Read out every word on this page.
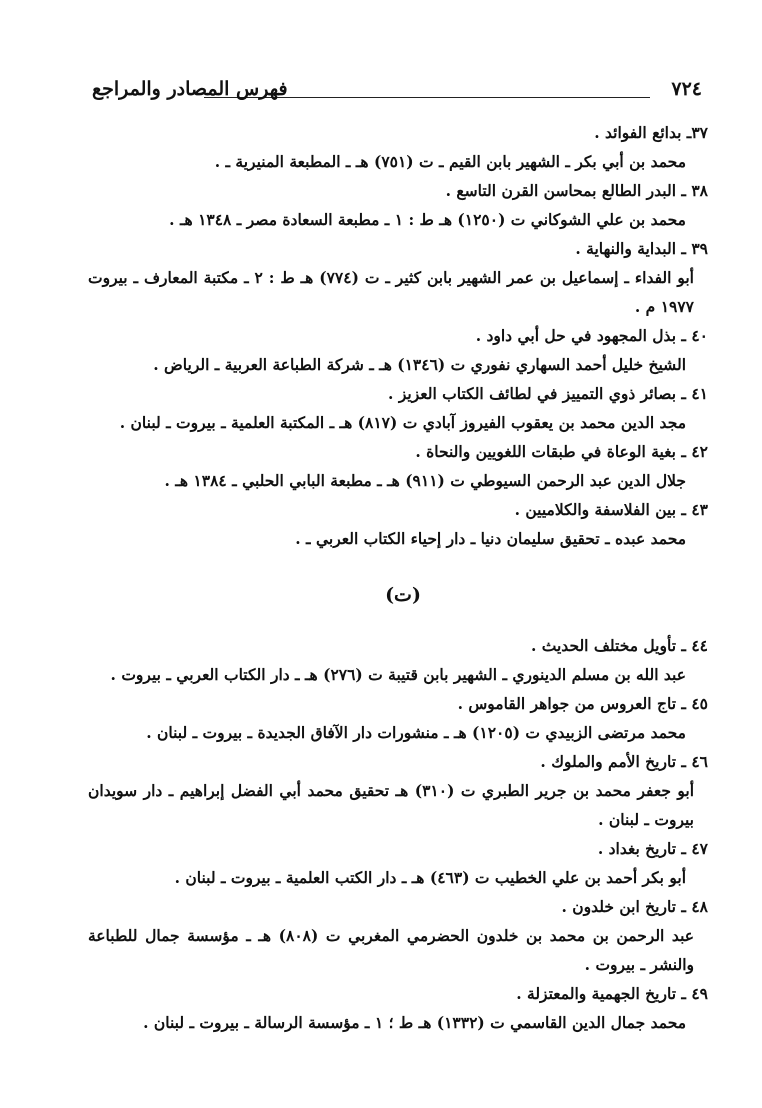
٧٢٤
فهرس المصادر والمراجع
٣٧ـ بدائع الفوائد .
محمد بن أبي بكر ـ الشهير بابن القيم ـ ت (٧٥١) هـ ـ المطبعة المنيرية ـ .
٣٨ ـ البدر الطالع بمحاسن القرن التاسع .
محمد بن علي الشوكاني ت (١٢٥٠) هـ ط : ١ ـ مطبعة السعادة مصر ـ ١٣٤٨ هـ .
٣٩ ـ البداية والنهاية .
أبو الفداء ـ إسماعيل بن عمر الشهير بابن كثير ـ ت (٧٧٤) هـ ط : ٢ ـ مكتبة المعارف ـ بيروت ١٩٧٧ م .
٤٠ ـ بذل المجهود في حل أبي داود .
الشيخ خليل أحمد السهاري نفوري ت (١٣٤٦) هـ ـ شركة الطباعة العربية ـ الرياض .
٤١ ـ بصائر ذوي التمييز في لطائف الكتاب العزيز .
مجد الدين محمد بن يعقوب الفيروز آبادي ت (٨١٧) هـ ـ المكتبة العلمية ـ بيروت ـ لبنان .
٤٢ ـ بغية الوعاة في طبقات اللغويين والنحاة .
جلال الدين عبد الرحمن السيوطي ت (٩١١) هـ ـ مطبعة البابي الحلبي ـ ١٣٨٤ هـ .
٤٣ ـ بين الفلاسفة والكلاميين .
محمد عبده ـ تحقيق سليمان دنيا ـ دار إحياء الكتاب العربي ـ .
(ت)
٤٤ ـ تأويل مختلف الحديث .
عبد الله بن مسلم الدينوري ـ الشهير بابن قتيبة ت (٢٧٦) هـ ـ دار الكتاب العربي ـ بيروت .
٤٥ ـ تاج العروس من جواهر القاموس .
محمد مرتضى الزبيدي ت (١٢٠٥) هـ ـ منشورات دار الآفاق الجديدة ـ بيروت ـ لبنان .
٤٦ ـ تاريخ الأمم والملوك .
أبو جعفر محمد بن جرير الطبري ت (٣١٠) هـ تحقيق محمد أبي الفضل إبراهيم ـ دار سويدان بيروت ـ لبنان .
٤٧ ـ تاريخ بغداد .
أبو بكر أحمد بن علي الخطيب ت (٤٦٣) هـ ـ دار الكتب العلمية ـ بيروت ـ لبنان .
٤٨ ـ تاريخ ابن خلدون .
عبد الرحمن بن محمد بن خلدون الحضرمي المغربي ت (٨٠٨) هـ ـ مؤسسة جمال للطباعة والنشر ـ بيروت .
٤٩ ـ تاريخ الجهمية والمعتزلة .
محمد جمال الدين القاسمي ت (١٣٣٢) هـ ط ؛ ١ ـ مؤسسة الرسالة ـ بيروت ـ لبنان .
